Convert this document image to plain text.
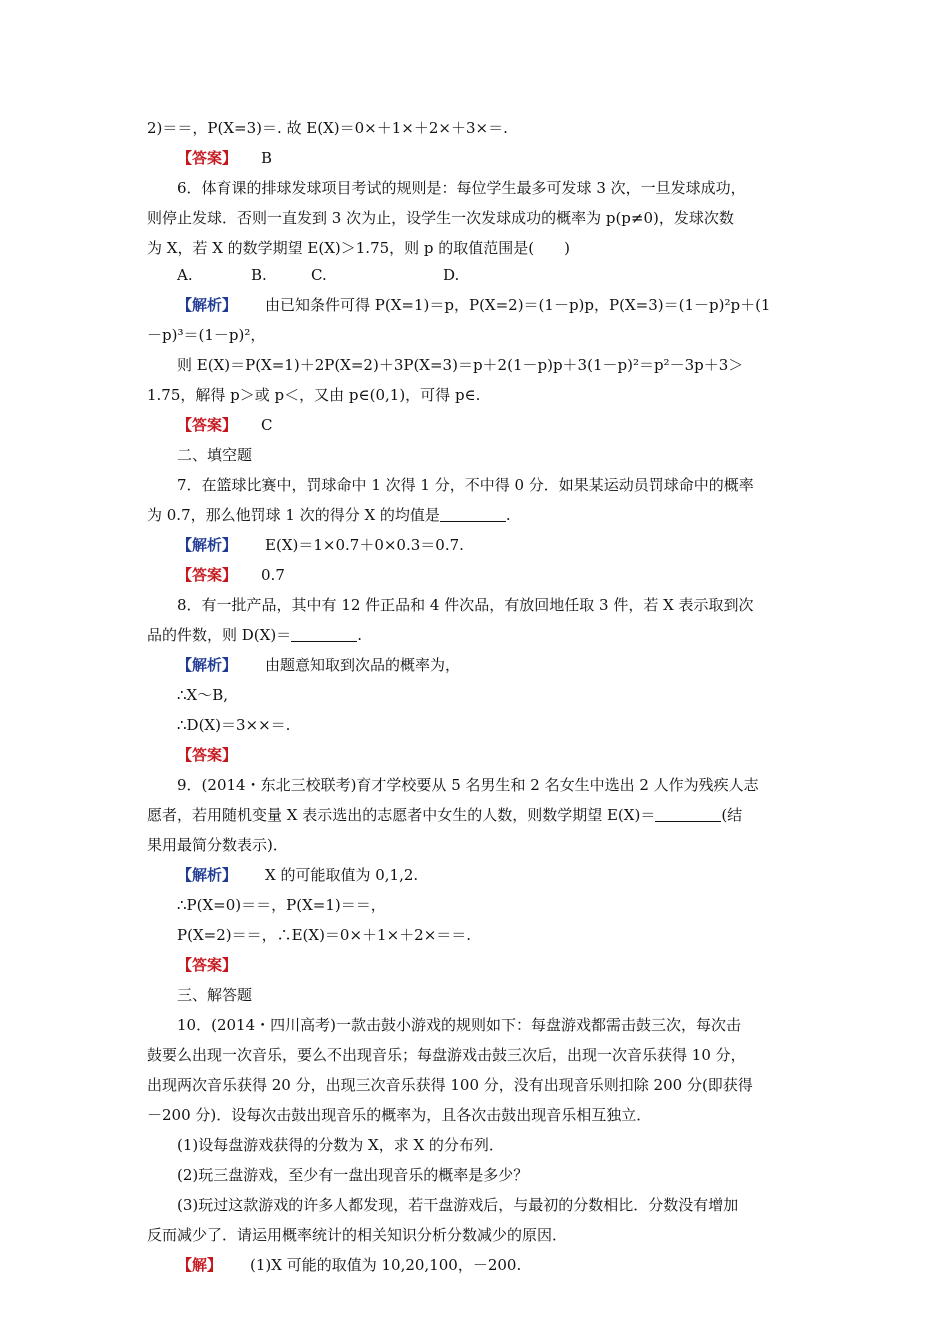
2)＝＝，P(X=3)＝. 故 E(X)＝0×＋1×＋2×＋3×＝.
【答案】 B
6．体育课的排球发球项目考试的规则是：每位学生最多可发球 3 次，一旦发球成功，
则停止发球．否则一直发到 3 次为止，设学生一次发球成功的概率为 p(p≠0)，发球次数
为 X，若 X 的数学期望 E(X)＞1.75，则 p 的取值范围是(　　)
A.	B.	C.	D.
【解析】 由已知条件可得 P(X=1)＝p，P(X=2)＝(1－p)p，P(X=3)＝(1－p)²p＋(1
－p)³＝(1－p)²，
则 E(X)＝P(X=1)＋2P(X=2)＋3P(X=3)＝p＋2(1－p)p＋3(1－p)²＝p²－3p＋3＞
1.75，解得 p＞或 p＜，又由 p∈(0,1)，可得 p∈.
【答案】 C
二、填空题
7．在篮球比赛中，罚球命中 1 次得 1 分，不中得 0 分．如果某运动员罚球命中的概率
为 0.7，那么他罚球 1 次的得分 X 的均值是	.
【解析】 E(X)＝1×0.7＋0×0.3＝0.7.
【答案】 0.7
8．有一批产品，其中有 12 件正品和 4 件次品，有放回地任取 3 件，若 X 表示取到次
品的件数，则 D(X)＝	.
【解析】 由题意知取到次品的概率为，
∴X～B,
∴D(X)＝3××＝.
【答案】
9．(2014・东北三校联考)育才学校要从 5 名男生和 2 名女生中选出 2 人作为残疾人志
愿者，若用随机变量 X 表示选出的志愿者中女生的人数，则数学期望 E(X)＝	(结
果用最简分数表示)．
【解析】 X 的可能取值为 0,1,2.
∴P(X=0)＝＝，P(X=1)＝＝，
P(X=2)＝＝，∴E(X)＝0×＋1×＋2×＝＝.
【答案】
三、解答题
10．(2014・四川高考)一款击鼓小游戏的规则如下：每盘游戏都需击鼓三次，每次击
鼓要么出现一次音乐，要么不出现音乐；每盘游戏击鼓三次后，出现一次音乐获得 10 分，
出现两次音乐获得 20 分，出现三次音乐获得 100 分，没有出现音乐则扣除 200 分(即获得
－200 分)．设每次击鼓出现音乐的概率为，且各次击鼓出现音乐相互独立．
(1)设每盘游戏获得的分数为 X，求 X 的分布列．
(2)玩三盘游戏，至少有一盘出现音乐的概率是多少？
(3)玩过这款游戏的许多人都发现，若干盘游戏后，与最初的分数相比．分数没有增加
反而减少了．请运用概率统计的相关知识分析分数减少的原因．
【解】 (1)X 可能的取值为 10,20,100，－200.
